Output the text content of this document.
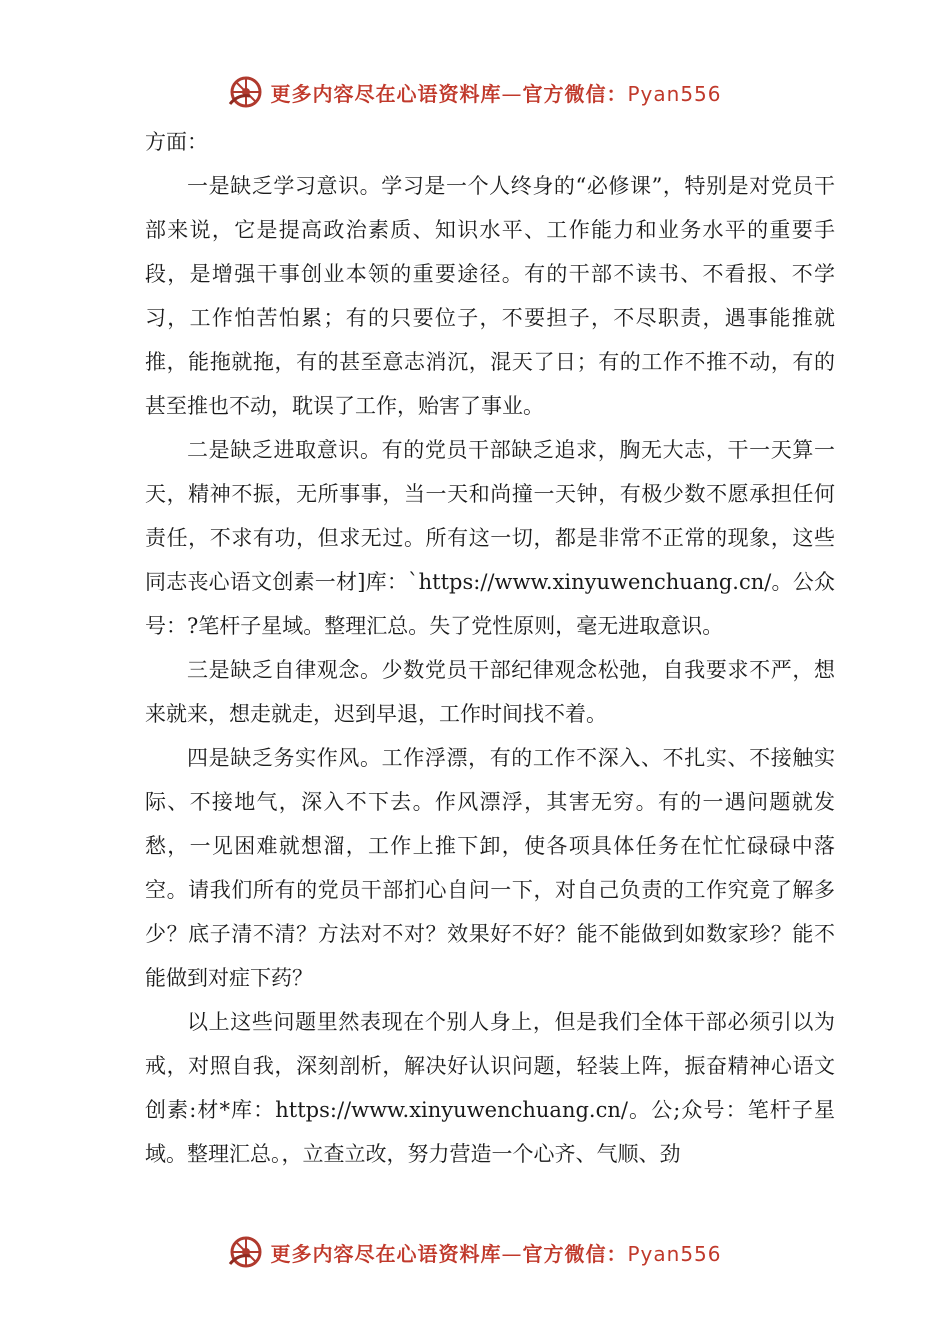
更多内容尽在心语资料库—官方微信：Pyan556

方面：

一是缺乏学习意识。学习是一个人终身的“必修课”，特别是对党员干部来说，它是提高政治素质、知识水平、工作能力和业务水平的重要手段，是增强干事创业本领的重要途径。有的干部不读书、不看报、不学习，工作怕苦怕累；有的只要位子，不要担子，不尽职责，遇事能推就推，能拖就拖，有的甚至意志消沉，混天了日；有的工作不推不动，有的甚至推也不动，耽误了工作，贻害了事业。

二是缺乏进取意识。有的党员干部缺乏追求，胸无大志，干一天算一天，精神不振，无所事事，当一天和尚撞一天钟，有极少数不愿承担任何责任，不求有功，但求无过。所有这一切，都是非常不正常的现象，这些同志丧心语文创素一材]库：`https://www.xinyuwenchuang.cn/。公众号：?笔杆子星域。整理汇总。失了党性原则，毫无进取意识。

三是缺乏自律观念。少数党员干部纪律观念松弛，自我要求不严，想来就来，想走就走，迟到早退，工作时间找不着。

四是缺乏务实作风。工作浮漂，有的工作不深入、不扎实、不接触实际、不接地气，深入不下去。作风漂浮，其害无穷。有的一遇问题就发愁，一见困难就想溜，工作上推下卸，使各项具体任务在忙忙碌碌中落空。请我们所有的党员干部扪心自问一下，对自己负责的工作究竟了解多少？底子清不清？方法对不对？效果好不好？能不能做到如数家珍？能不能做到对症下药？

以上这些问题里然表现在个别人身上，但是我们全体干部必须引以为戒，对照自我，深刻剖析，解决好认识问题，轻装上阵，振奋精神心语文创素:材*库：https://www.xinyuwenchuang.cn/。公;众号：笔杆子星域。整理汇总。，立查立改，努力营造一个心齐、气顺、劲

更多内容尽在心语资料库—官方微信：Pyan556
